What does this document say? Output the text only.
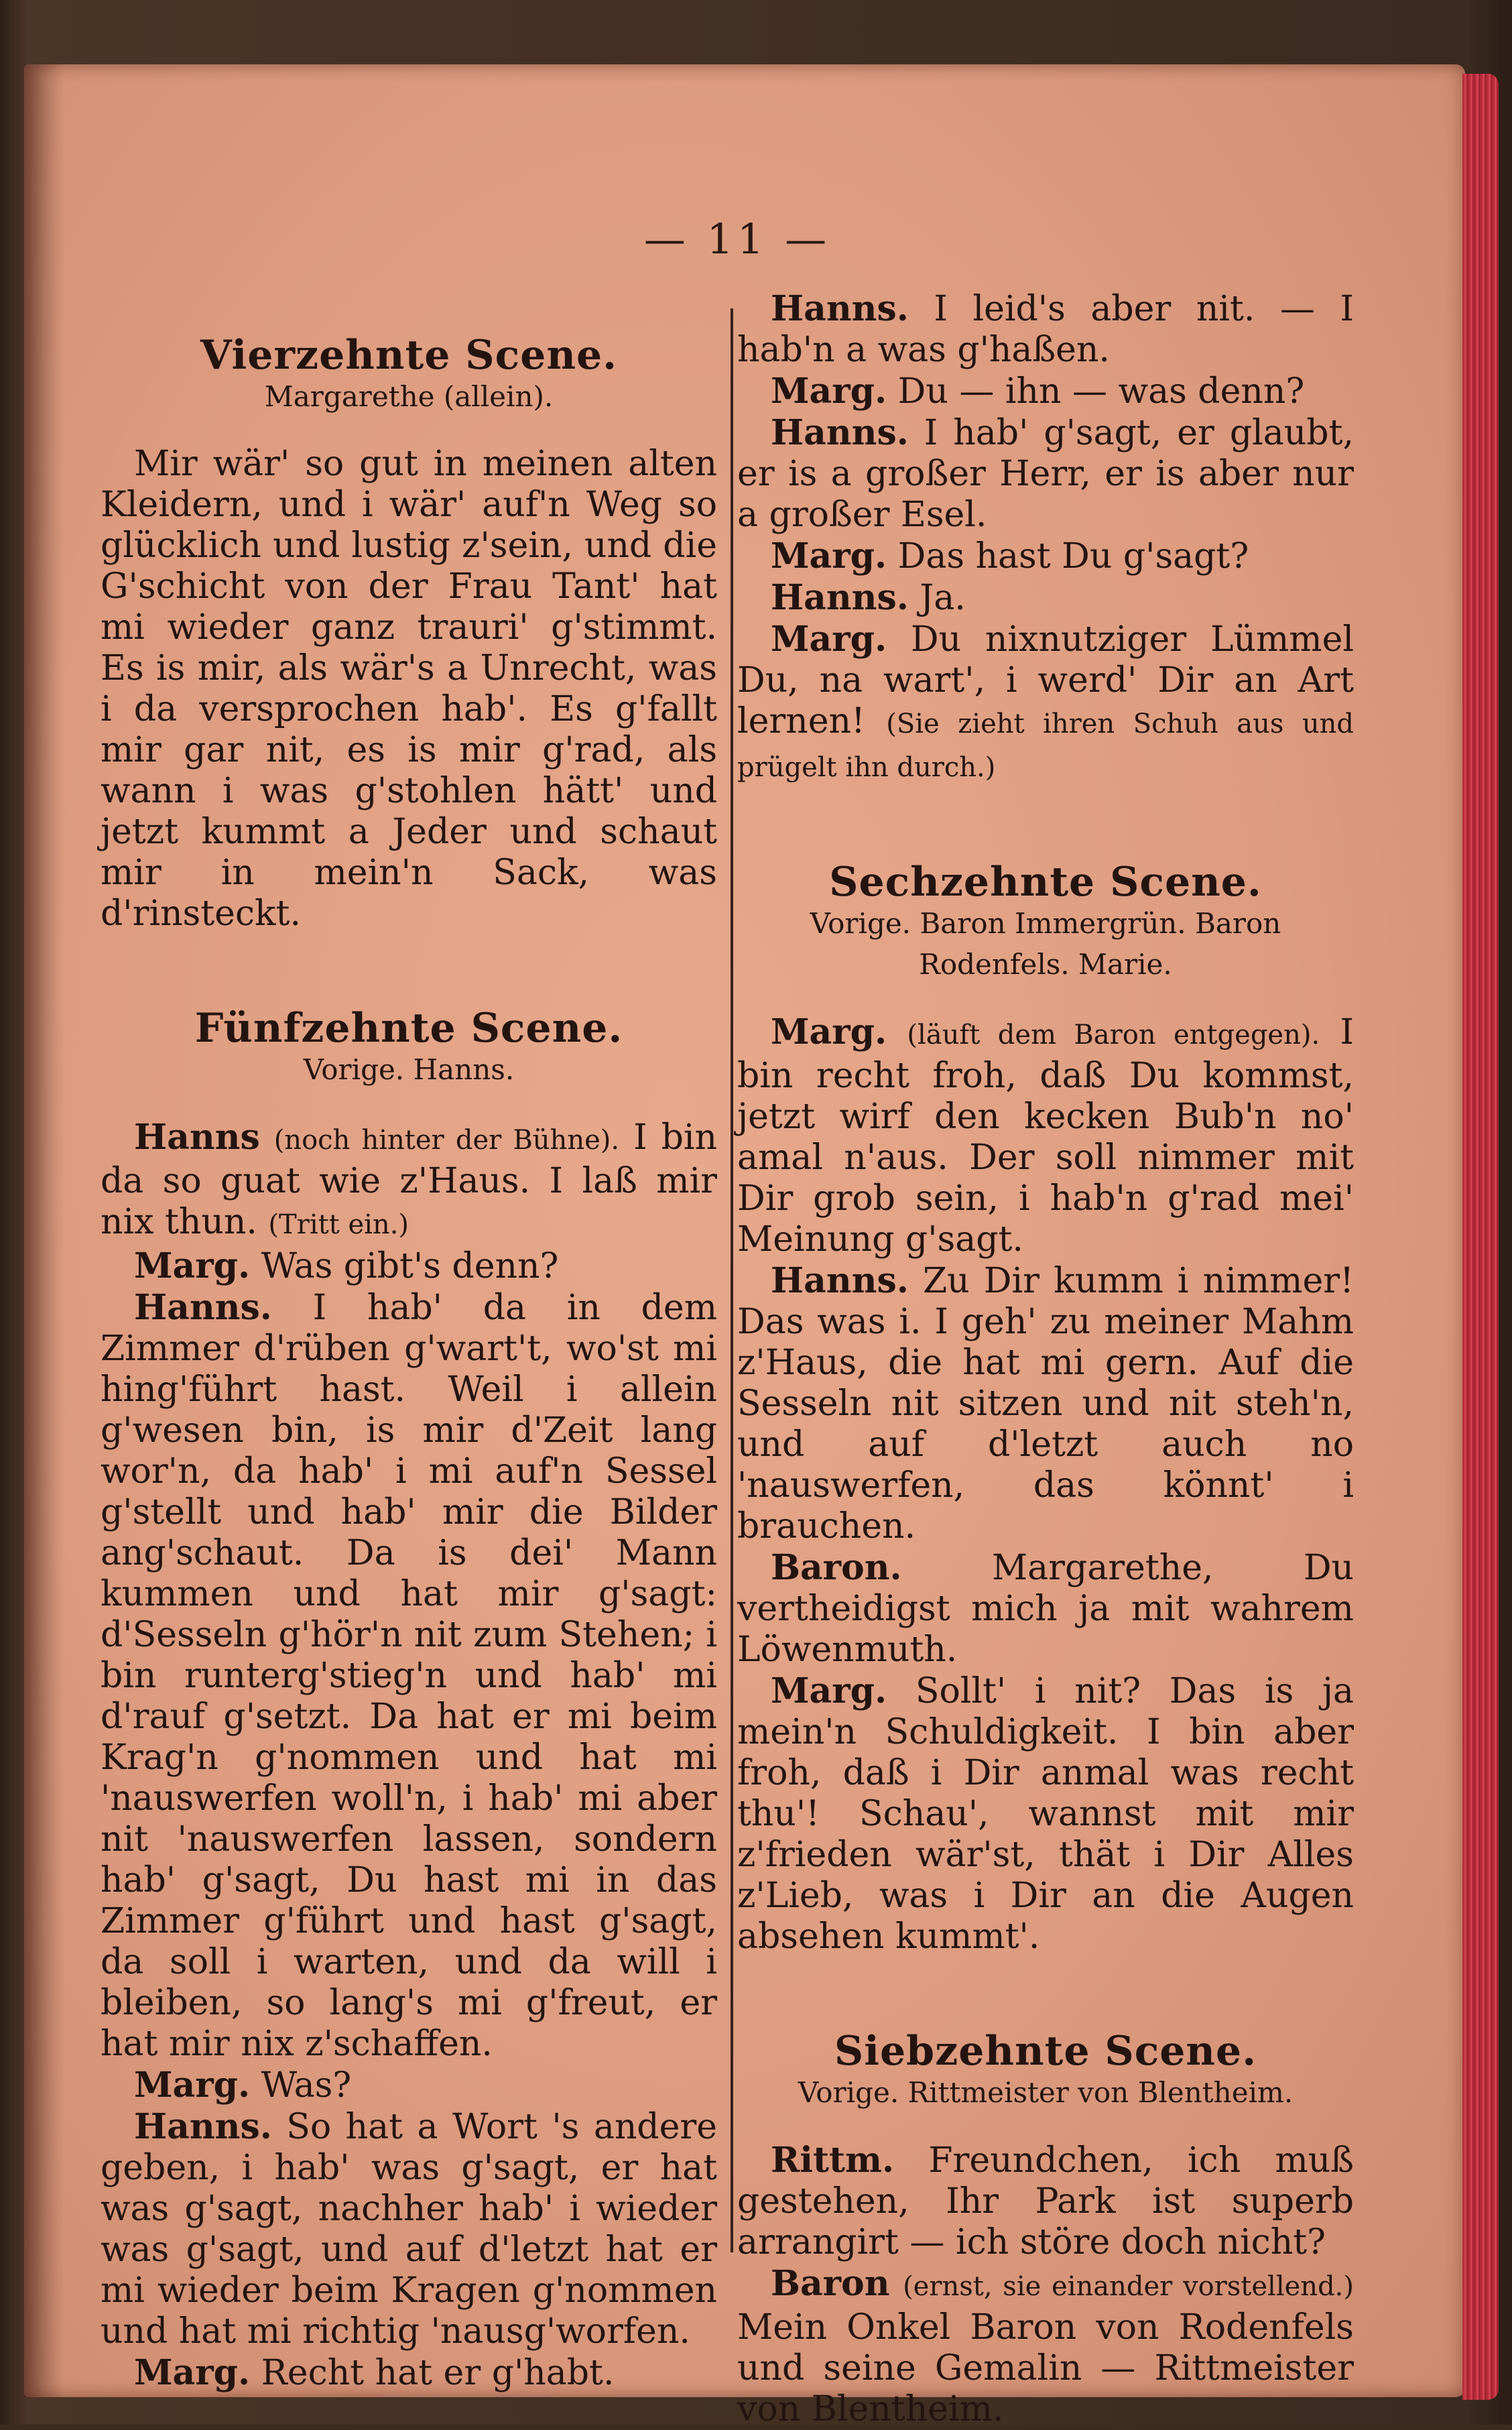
— 11 —

Vierzehnte Scene.

Margarethe (allein).

Mir wär' so gut in meinen alten Kleidern, und i wär' auf'n Weg so glücklich und lustig z'sein, und die G'schicht von der Frau Tant' hat mi wieder ganz trauri' g'stimmt. Es is mir, als wär's a Unrecht, was i da versprochen hab'. Es g'fallt mir gar nit, es is mir g'rad, als wann i was g'stohlen hätt' und jetzt kummt a Jeder und schaut mir in mein'n Sack, was d'rinsteckt.

Fünfzehnte Scene.

Vorige. Hanns.

Hanns (noch hinter der Bühne). I bin da so guat wie z'Haus. I laß mir nix thun. (Tritt ein.)

Marg. Was gibt's denn?

Hanns. I hab' da in dem Zimmer d'rüben g'wart't, wo'st mi hing'führt hast. Weil i allein g'wesen bin, is mir d'Zeit lang wor'n, da hab' i mi auf'n Sessel g'stellt und hab' mir die Bilder ang'schaut. Da is dei' Mann kummen und hat mir g'sagt: d'Sesseln g'hör'n nit zum Stehen; i bin runterg'stieg'n und hab' mi d'rauf g'setzt. Da hat er mi beim Krag'n g'nommen und hat mi 'nauswerfen woll'n, i hab' mi aber nit 'nauswerfen lassen, sondern hab' g'sagt, Du hast mi in das Zimmer g'führt und hast g'sagt, da soll i warten, und da will i bleiben, so lang's mi g'freut, er hat mir nix z'schaffen.

Marg. Was?

Hanns. So hat a Wort 's andere geben, i hab' was g'sagt, er hat was g'sagt, nachher hab' i wieder was g'sagt, und auf d'letzt hat er mi wieder beim Kragen g'nommen und hat mi richtig 'nausg'worfen.

Marg. Recht hat er g'habt.

Hanns. I leid's aber nit. — I hab'n a was g'haßen.

Marg. Du — ihn — was denn?

Hanns. I hab' g'sagt, er glaubt, er is a großer Herr, er is aber nur a großer Esel.

Marg. Das hast Du g'sagt?

Hanns. Ja.

Marg. Du nixnutziger Lümmel Du, na wart', i werd' Dir an Art lernen! (Sie zieht ihren Schuh aus und prügelt ihn durch.)

Sechzehnte Scene.

Vorige. Baron Immergrün. Baron Rodenfels. Marie.

Marg. (läuft dem Baron entgegen). I bin recht froh, daß Du kommst, jetzt wirf den kecken Bub'n no' amal n'aus. Der soll nimmer mit Dir grob sein, i hab'n g'rad mei' Meinung g'sagt.

Hanns. Zu Dir kumm i nimmer! Das was i. I geh' zu meiner Mahm z'Haus, die hat mi gern. Auf die Sesseln nit sitzen und nit steh'n, und auf d'letzt auch no 'nauswerfen, das könnt' i brauchen.

Baron.	Margarethe, Du vertheidigst mich ja mit wahrem Löwenmuth.

Marg. Sollt' i nit? Das is ja mein'n Schuldigkeit. I bin aber froh, daß i Dir anmal was recht thu'! Schau', wannst mit mir z'frieden wär'st, thät i Dir Alles z'Lieb, was i Dir an die Augen absehen kummt'.

Siebzehnte Scene.

Vorige. Rittmeister von Blentheim.

Rittm. Freundchen, ich muß gestehen, Ihr Park ist superb arrangirt — ich störe doch nicht?

Baron (ernst, sie einander vorstellend.) Mein Onkel Baron von Rodenfels und seine Gemalin — Rittmeister von Blentheim.
